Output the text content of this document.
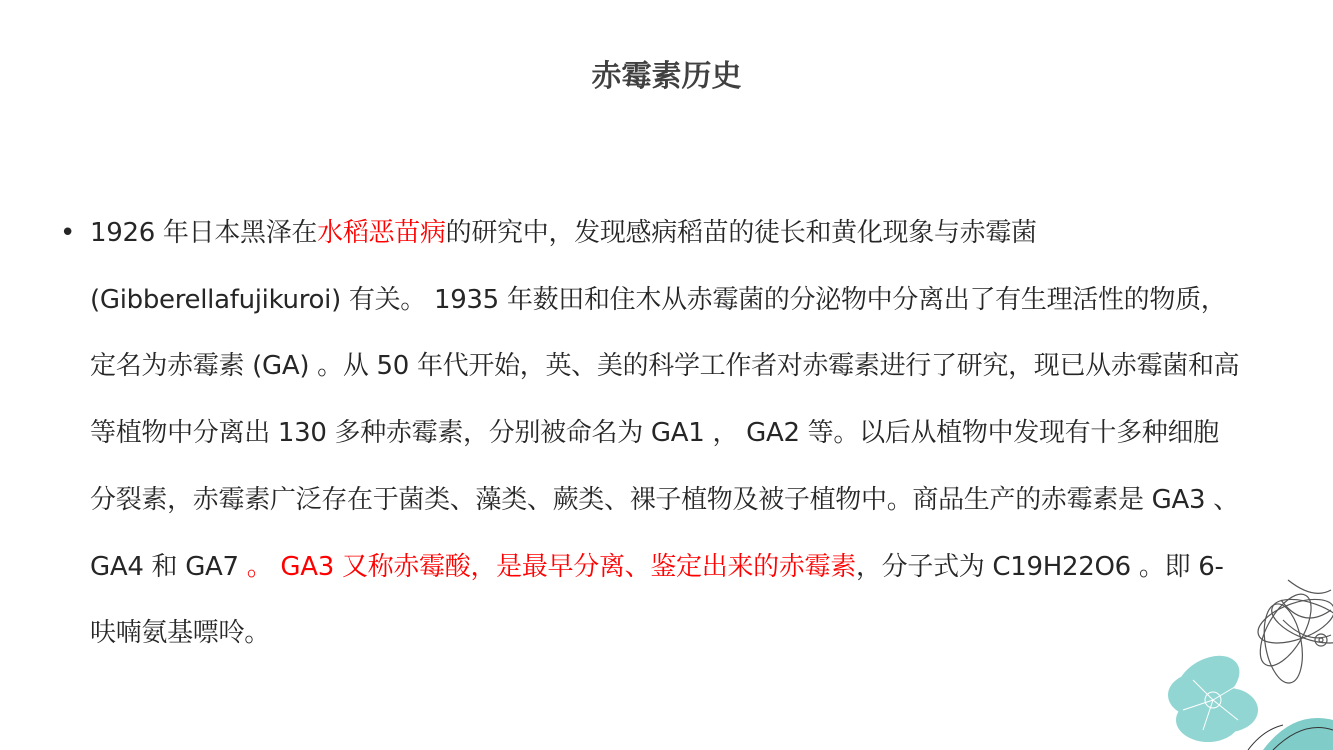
赤霉素历史
• 1926 年日本黑泽在水稻恶苗病的研究中，发现感病稻苗的徒长和黄化现象与赤霉菌 (Gibberellafujikuroi) 有关。 1935 年薮田和住木从赤霉菌的分泌物中分离出了有生理活性的物质，定名为赤霉素 (GA) 。从 50 年代开始，英、美的科学工作者对赤霉素进行了研究，现已从赤霉菌和高等植物中分离出 130 多种赤霉素，分别被命名为 GA1 ， GA2 等。以后从植物中发现有十多种细胞分裂素，赤霉素广泛存在于菌类、藻类、蕨类、裸子植物及被子植物中。商品生产的赤霉素是 GA3 、 GA4 和 GA7 。 GA3 又称赤霉酸，是最早分离、鉴定出来的赤霉素，分子式为 C19H22O6 。即 6- 呋喃氨基嘌呤。
